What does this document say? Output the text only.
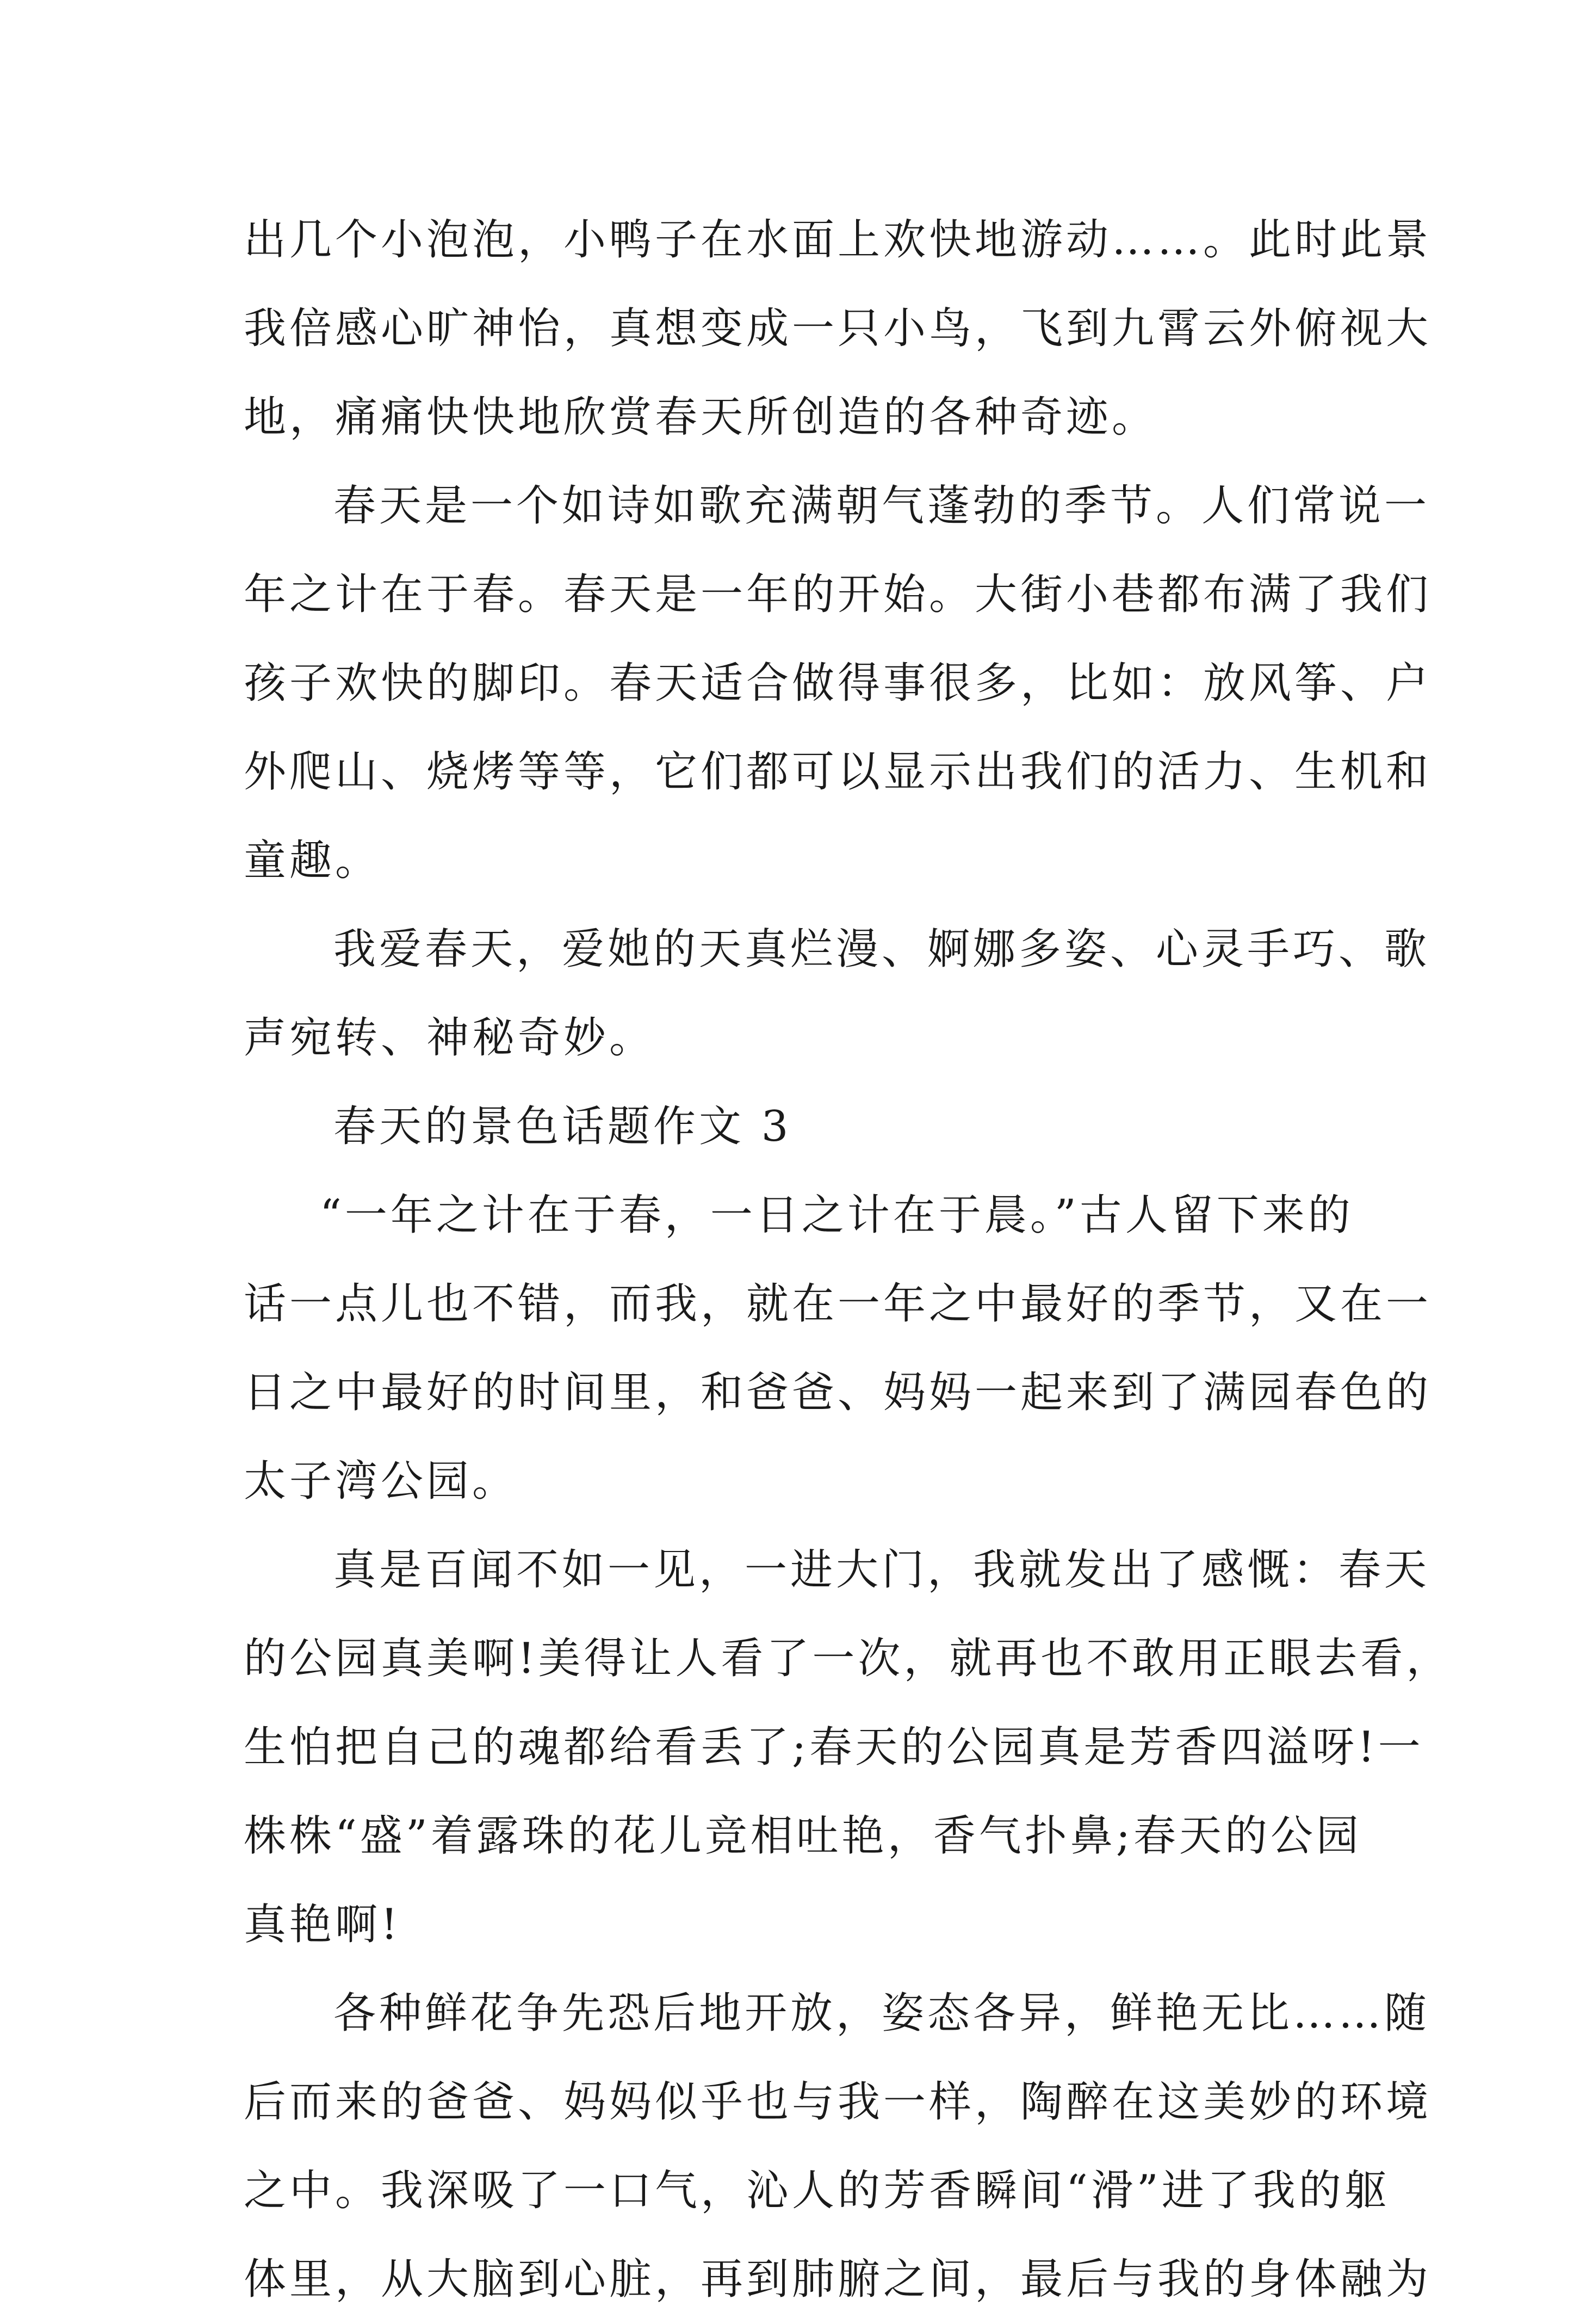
出几个小泡泡，小鸭子在水面上欢快地游动……。此时此景
我倍感心旷神怡，真想变成一只小鸟，飞到九霄云外俯视大
地，痛痛快快地欣赏春天所创造的各种奇迹。
春天是一个如诗如歌充满朝气蓬勃的季节。人们常说一
年之计在于春。春天是一年的开始。大街小巷都布满了我们
孩子欢快的脚印。春天适合做得事很多，比如：放风筝、户
外爬山、烧烤等等，它们都可以显示出我们的活力、生机和
童趣。
我爱春天，爱她的天真烂漫、婀娜多姿、心灵手巧、歌
声宛转、神秘奇妙。
春天的景色话题作文 3
“一年之计在于春，一日之计在于晨。”古人留下来的
话一点儿也不错，而我，就在一年之中最好的季节，又在一
日之中最好的时间里，和爸爸、妈妈一起来到了满园春色的
太子湾公园。
真是百闻不如一见，一进大门，我就发出了感慨：春天
的公园真美啊!美得让人看了一次，就再也不敢用正眼去看，
生怕把自己的魂都给看丢了;春天的公园真是芳香四溢呀!一
株株“盛”着露珠的花儿竞相吐艳，香气扑鼻;春天的公园
真艳啊!
各种鲜花争先恐后地开放，姿态各异，鲜艳无比……随
后而来的爸爸、妈妈似乎也与我一样，陶醉在这美妙的环境
之中。我深吸了一口气，沁人的芳香瞬间“滑”进了我的躯
体里，从大脑到心脏，再到肺腑之间，最后与我的身体融为
